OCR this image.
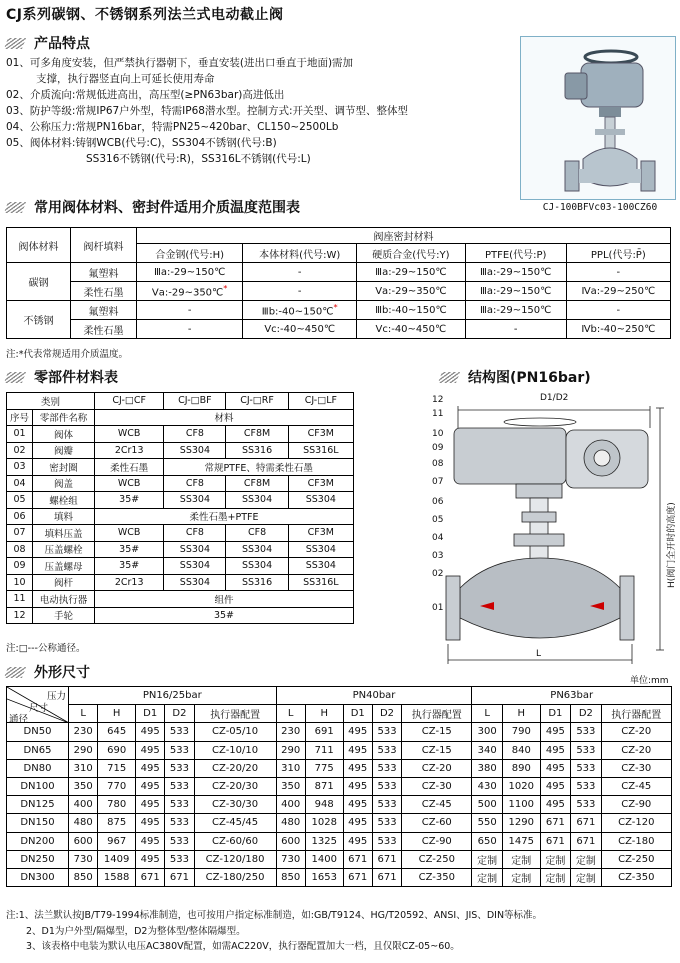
CJ系列碳钢、不锈钢系列法兰式电动截止阀
产品特点
01、可多角度安装，但严禁执行器朝下，垂直安装(进出口垂直于地面)需加
支撑，执行器竖直向上可延长使用寿命
02、介质流向:常规低进高出，高压型(≥PN63bar)高进低出
03、防护等级:常规IP67户外型，特需IP68潜水型。控制方式:开关型、调节型、整体型
04、公称压力:常规PN16bar，特需PN25~420bar、CL150~2500Lb
05、阀体材料:铸钢WCB(代号:C)，SS304不锈钢(代号:B)
SS316不锈钢(代号:R)，SS316L不锈钢(代号:L)
CJ-100BFVc03-100CZ60
常用阀体材料、密封件适用介质温度范围表
阀体材料	阀杆填料	阀座密封材料				
		合金钢(代号:H)	本体材料(代号:W)	硬质合金(代号:Y)	PTFE(代号:P)	PPL(代号:P̄)
碳钢	氟塑料	Ⅲa:-29~150℃	-	Ⅲa:-29~150℃	Ⅲa:-29~150℃	-
	柔性石墨	Ⅴa:-29~350℃*	-	Ⅴa:-29~350℃	Ⅲa:-29~150℃	Ⅳa:-29~250℃
不锈钢	氟塑料	-	Ⅲb:-40~150℃*	Ⅲb:-40~150℃	Ⅲa:-29~150℃	-
	柔性石墨	-	Ⅴc:-40~450℃	Ⅴc:-40~450℃	-	Ⅳb:-40~250℃
注:*代表常规适用介质温度。
零部件材料表
类别		CJ-□CF	CJ-□BF	CJ-□RF	CJ-□LF
序号	零部件名称	材料			
01	阀体	WCB	CF8	CF8M	CF3M
02	阀瓣	2Cr13	SS304	SS316	SS316L
03	密封圈	柔性石墨	常规PTFE、特需柔性石墨		
04	阀盖	WCB	CF8	CF8M	CF3M
05	螺栓组	35#	SS304	SS304	SS304
06	填料	柔性石墨+PTFE			
07	填料压盖	WCB	CF8	CF8	CF3M
08	压盖螺栓	35#	SS304	SS304	SS304
09	压盖螺母	35#	SS304	SS304	SS304
10	阀杆	2Cr13	SS304	SS316	SS316L
11	电动执行器	组件			
12	手轮	35#			
注:□---公称通径。
结构图(PN16bar)
12
11
10
09
08
07
06
05
04
03
02
01
D1/D2
L
H(阀门全开时的高度)
外形尺寸	单位:mm
压力
尺寸
通径	PN16/25bar					PN40bar					PN63bar				
	L	H	D1	D2	执行器配置	L	H	D1	D2	执行器配置	L	H	D1	D2	执行器配置
DN50	230	645	495	533	CZ-05/10	230	691	495	533	CZ-15	300	790	495	533	CZ-20
DN65	290	690	495	533	CZ-10/10	290	711	495	533	CZ-15	340	840	495	533	CZ-20
DN80	310	715	495	533	CZ-20/20	310	775	495	533	CZ-20	380	890	495	533	CZ-30
DN100	350	770	495	533	CZ-20/30	350	871	495	533	CZ-30	430	1020	495	533	CZ-45
DN125	400	780	495	533	CZ-30/30	400	948	495	533	CZ-45	500	1100	495	533	CZ-90
DN150	480	875	495	533	CZ-45/45	480	1028	495	533	CZ-60	550	1290	671	671	CZ-120
DN200	600	967	495	533	CZ-60/60	600	1325	495	533	CZ-90	650	1475	671	671	CZ-180
DN250	730	1409	495	533	CZ-120/180	730	1400	671	671	CZ-250	定制	定制	定制	定制	CZ-250
DN300	850	1588	671	671	CZ-180/250	850	1653	671	671	CZ-350	定制	定制	定制	定制	CZ-350
注:1、法兰默认按JB/T79-1994标准制造，也可按用户指定标准制造，如:GB/T9124、HG/T20592、ANSI、JIS、DIN等标准。
2、D1为户外型/隔爆型，D2为整体型/整体隔爆型。
3、该表格中电装为默认电压AC380V配置，如需AC220V，执行器配置加大一档，且仅限CZ-05~60。
